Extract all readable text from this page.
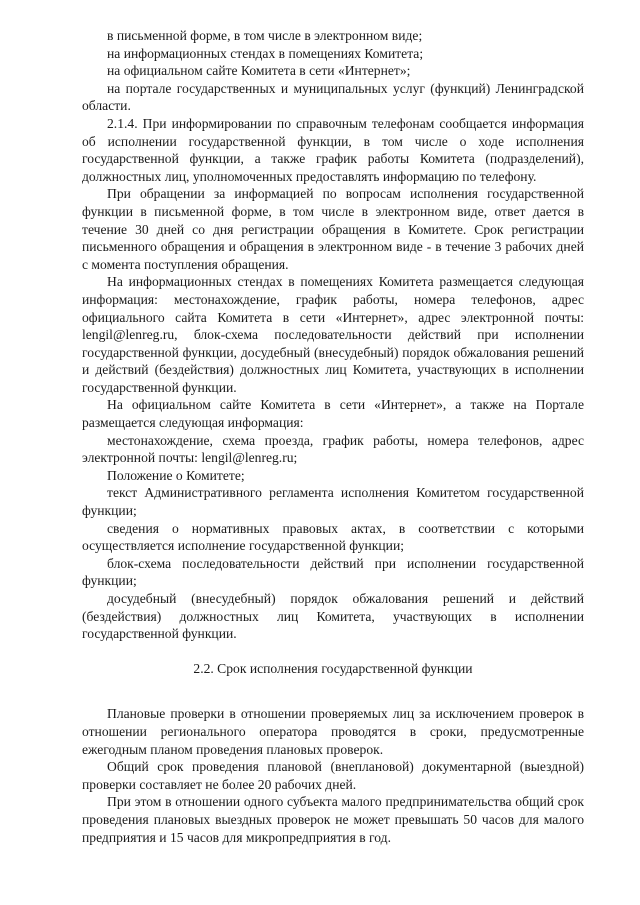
в письменной форме, в том числе в электронном виде;

на информационных стендах в помещениях Комитета;

на официальном сайте Комитета в сети «Интернет»;

на портале государственных и муниципальных услуг (функций) Ленинградской области.

2.1.4. При информировании по справочным телефонам сообщается информация об исполнении государственной функции, в том числе о ходе исполнения государственной функции, а также график работы Комитета (подразделений), должностных лиц, уполномоченных предоставлять информацию по телефону.

При обращении за информацией по вопросам исполнения государственной функции в письменной форме, в том числе в электронном виде, ответ дается в течение 30 дней со дня регистрации обращения в Комитете. Срок регистрации письменного обращения и обращения в электронном виде - в течение 3 рабочих дней с момента поступления обращения.

На информационных стендах в помещениях Комитета размещается следующая информация: местонахождение, график работы, номера телефонов, адрес официального сайта Комитета в сети «Интернет», адрес электронной почты: lengil@lenreg.ru, блок-схема последовательности действий при исполнении государственной функции, досудебный (внесудебный) порядок обжалования решений и действий (бездействия) должностных лиц Комитета, участвующих в исполнении государственной функции.

На официальном сайте Комитета в сети «Интернет», а также на Портале размещается следующая информация:

местонахождение, схема проезда, график работы, номера телефонов, адрес электронной почты: lengil@lenreg.ru;

Положение о Комитете;

текст Административного регламента исполнения Комитетом государственной функции;

сведения о нормативных правовых актах, в соответствии с которыми осуществляется исполнение государственной функции;

блок-схема последовательности действий при исполнении государственной функции;

досудебный (внесудебный) порядок обжалования решений и действий (бездействия) должностных лиц Комитета, участвующих в исполнении государственной функции.

2.2. Срок исполнения государственной функции

Плановые проверки в отношении проверяемых лиц за исключением проверок в отношении регионального оператора проводятся в сроки, предусмотренные ежегодным планом проведения плановых проверок.

Общий срок проведения плановой (внеплановой) документарной (выездной) проверки составляет не более 20 рабочих дней.

При этом в отношении одного субъекта малого предпринимательства общий срок проведения плановых выездных проверок не может превышать 50 часов для малого предприятия и 15 часов для микропредприятия в год.
